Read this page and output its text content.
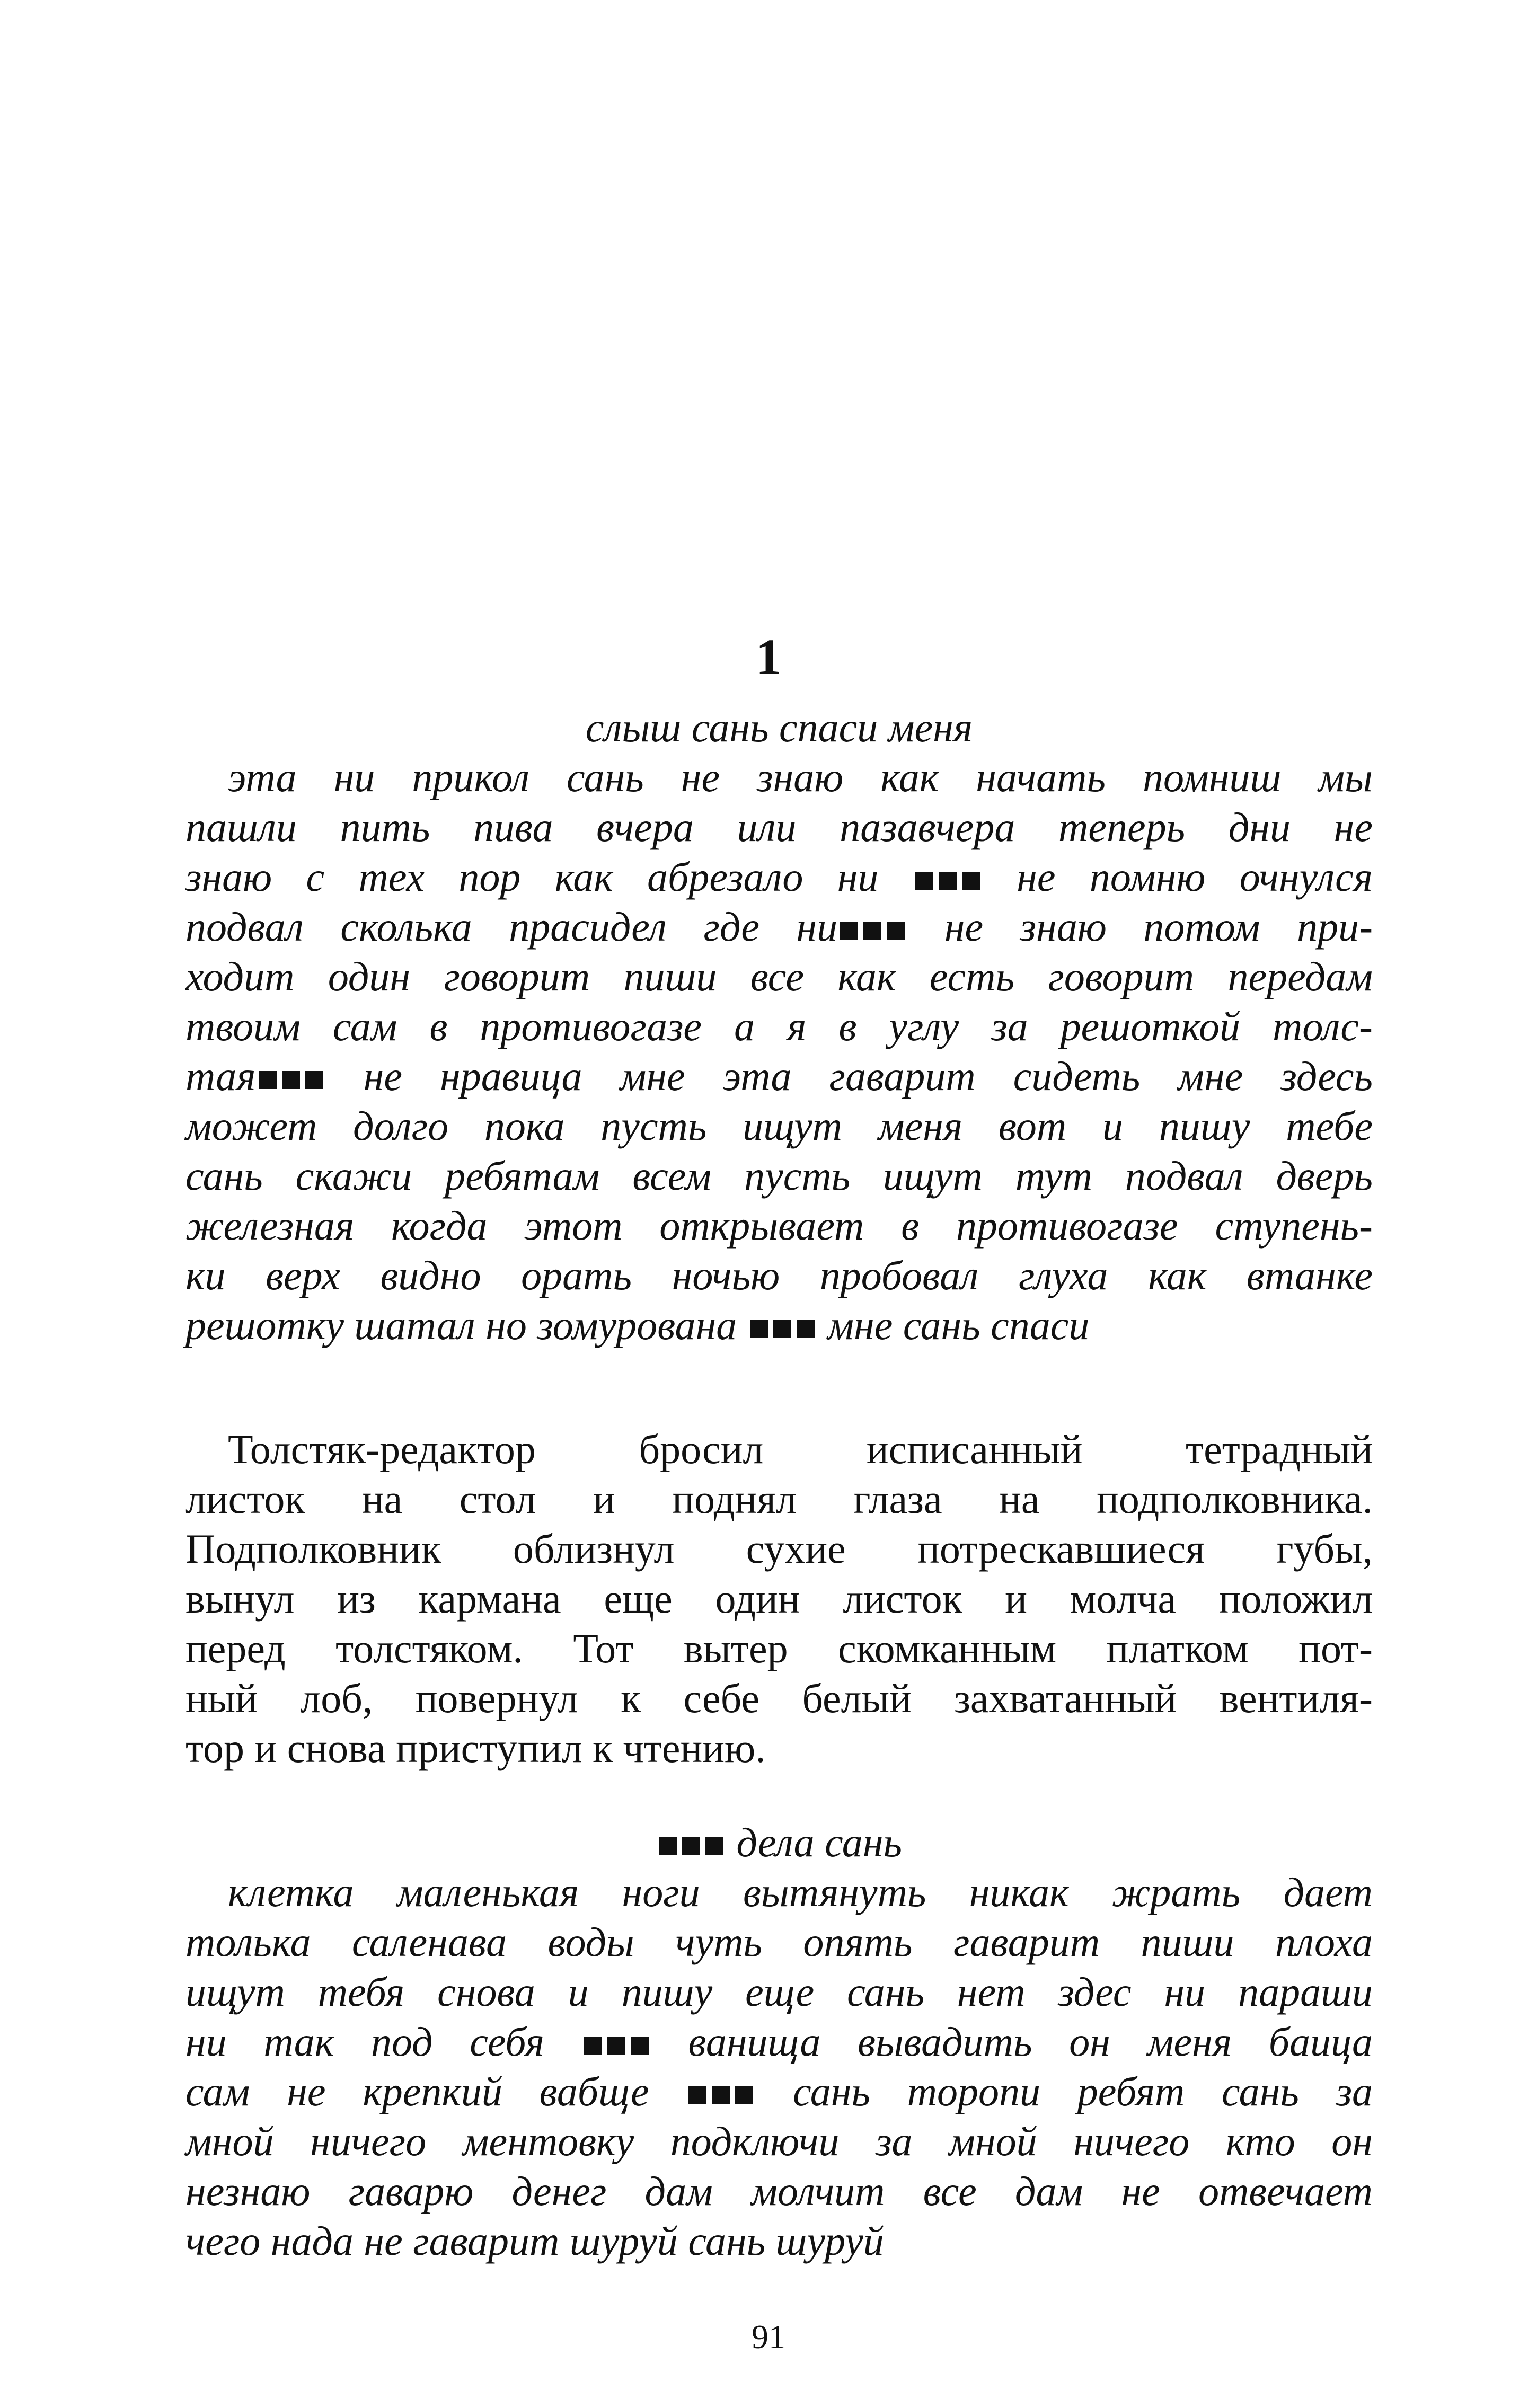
1
слыш сань спаси меня
эта ни прикол сань не знаю как начать помниш мы
пашли пить пива вчера или пазавчера теперь дни не
знаю с тех пор как абрезало ни	не помню очнулся
подвал сколька прасидел где ни	не знаю потом при-
ходит один говорит пиши все как есть говорит передам
твоим сам в противогазе а я в углу за решоткой толс-
тая	не нравица мне эта гаварит сидеть мне здесь
может долго пока пусть ищут меня вот и пишу тебе
сань скажи ребятам всем пусть ищут тут подвал дверь
железная когда этот открывает в противогазе ступень-
ки верх видно орать ночью пробовал глуха как втанке
решотку шатал но зомурована мне сань спаси
Толстяк-редактор бросил исписанный тетрадный
листок на стол и поднял глаза на подполковника.
Подполковник облизнул сухие потрескавшиеся губы,
вынул из кармана еще один листок и молча положил
перед толстяком. Тот вытер скомканным платком пот-
ный лоб, повернул к себе белый захватанный вентиля-
тор и снова приступил к чтению.
дела сань
клетка маленькая ноги вытянуть никак жрать дает
толька саленава воды чуть опять гаварит пиши плоха
ищут тебя снова и пишу еще сань нет здес ни параши
ни так под себя	ванища вывадить он меня баица
сам не крепкий вабще	сань торопи ребят сань за
мной ничего ментовку подключи за мной ничего кто он
незнаю гаварю денег дам молчит все дам не отвечает
чего нада не гаварит шуруй сань шуруй
91
